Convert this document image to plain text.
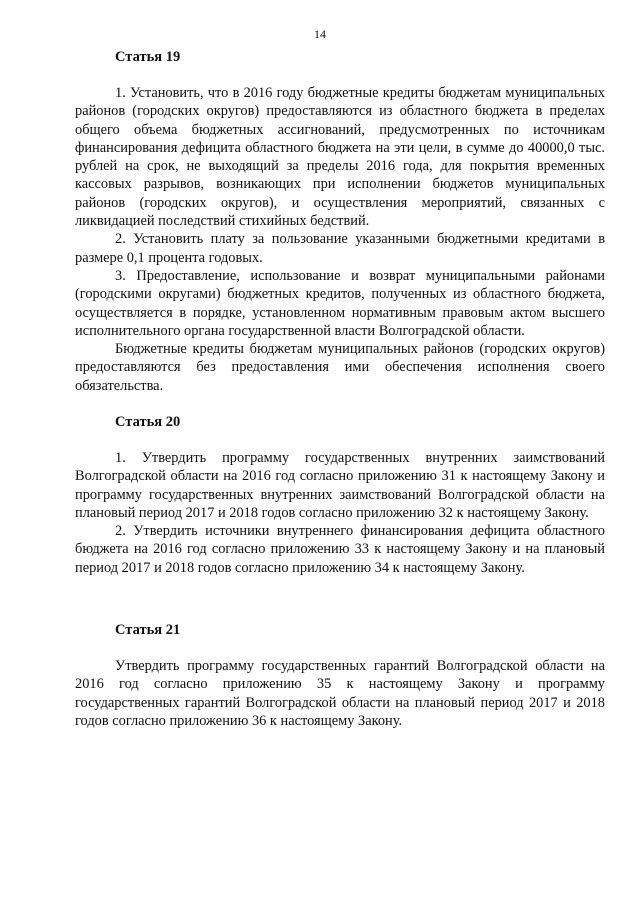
14
Статья 19

1. Установить, что в 2016 году бюджетные кредиты бюджетам муниципальных районов (городских округов) предоставляются из областного бюджета в пределах общего объема бюджетных ассигнований, предусмотренных по источникам финансирования дефицита областного бюджета на эти цели, в сумме до 40000,0 тыс. рублей на срок, не выходящий за пределы 2016 года, для покрытия временных кассовых разрывов, возникающих при исполнении бюджетов муниципальных районов (городских округов), и осуществления мероприятий, связанных с ликвидацией последствий стихийных бедствий.

2. Установить плату за пользование указанными бюджетными кредитами в размере 0,1 процента годовых.

3. Предоставление, использование и возврат муниципальными районами (городскими округами) бюджетных кредитов, полученных из областного бюджета, осуществляется в порядке, установленном нормативным правовым актом высшего исполнительного органа государственной власти Волгоградской области.

Бюджетные кредиты бюджетам муниципальных районов (городских округов) предоставляются без предоставления ими обеспечения исполнения своего обязательства.

Статья 20

1. Утвердить программу государственных внутренних заимствований Волгоградской области на 2016 год согласно приложению 31 к настоящему Закону и программу государственных внутренних заимствований Волгоградской области на плановый период 2017 и 2018 годов согласно приложению 32 к настоящему Закону.

2. Утвердить источники внутреннего финансирования дефицита областного бюджета на 2016 год согласно приложению 33 к настоящему Закону и на плановый период 2017 и 2018 годов согласно приложению 34 к настоящему Закону.

Статья 21

Утвердить программу государственных гарантий Волгоградской области на 2016 год согласно приложению 35 к настоящему Закону и программу государственных гарантий Волгоградской области на плановый период 2017 и 2018 годов согласно приложению 36 к настоящему Закону.
